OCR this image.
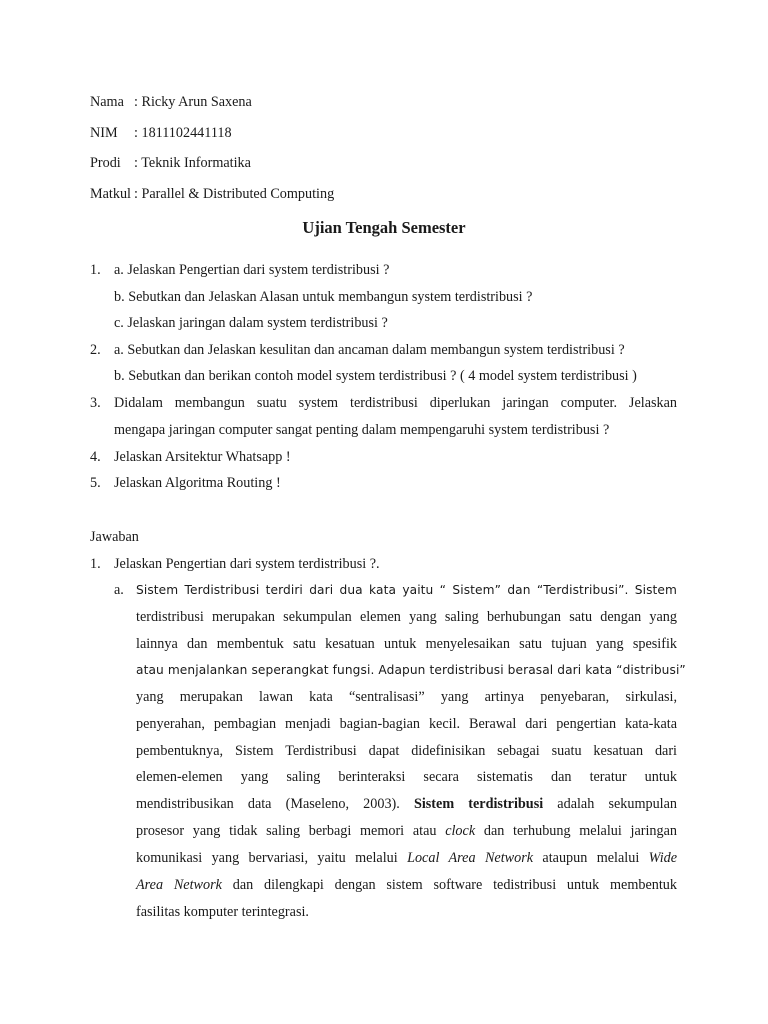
Nama : Ricky Arun Saxena
NIM : 1811102441118
Prodi : Teknik Informatika
Matkul : Parallel & Distributed Computing
Ujian Tengah Semester
1. a. Jelaskan Pengertian dari system terdistribusi ?
b. Sebutkan dan Jelaskan Alasan untuk membangun system terdistribusi ?
c. Jelaskan jaringan dalam system terdistribusi ?
2. a. Sebutkan dan Jelaskan kesulitan dan ancaman dalam membangun system terdistribusi ?
b. Sebutkan dan berikan contoh model system terdistribusi ? ( 4 model system terdistribusi )
3. Didalam membangun suatu system terdistribusi diperlukan jaringan computer. Jelaskan
mengapa jaringan computer sangat penting dalam mempengaruhi system terdistribusi ?
4. Jelaskan Arsitektur Whatsapp !
5. Jelaskan Algoritma Routing !
Jawaban
1. Jelaskan Pengertian dari system terdistribusi ?.
a. Sistem Terdistribusi terdiri dari dua kata yaitu “ Sistem” dan “Terdistribusi”. Sistem
terdistribusi merupakan sekumpulan elemen yang saling berhubungan satu dengan yang
lainnya dan membentuk satu kesatuan untuk menyelesaikan satu tujuan yang spesifik
atau menjalankan seperangkat fungsi. Adapun terdistribusi berasal dari kata “distribusi”
yang merupakan lawan kata “sentralisasi” yang artinya penyebaran, sirkulasi,
penyerahan, pembagian menjadi bagian-bagian kecil. Berawal dari pengertian kata-kata
pembentuknya, Sistem Terdistribusi dapat didefinisikan sebagai suatu kesatuan dari
elemen-elemen yang saling berinteraksi secara sistematis dan teratur untuk
mendistribusikan data (Maseleno, 2003). Sistem terdistribusi adalah sekumpulan
prosesor yang tidak saling berbagi memori atau clock dan terhubung melalui jaringan
komunikasi yang bervariasi, yaitu melalui Local Area Network ataupun melalui Wide
Area Network dan dilengkapi dengan sistem software tedistribusi untuk membentuk
fasilitas komputer terintegrasi.
